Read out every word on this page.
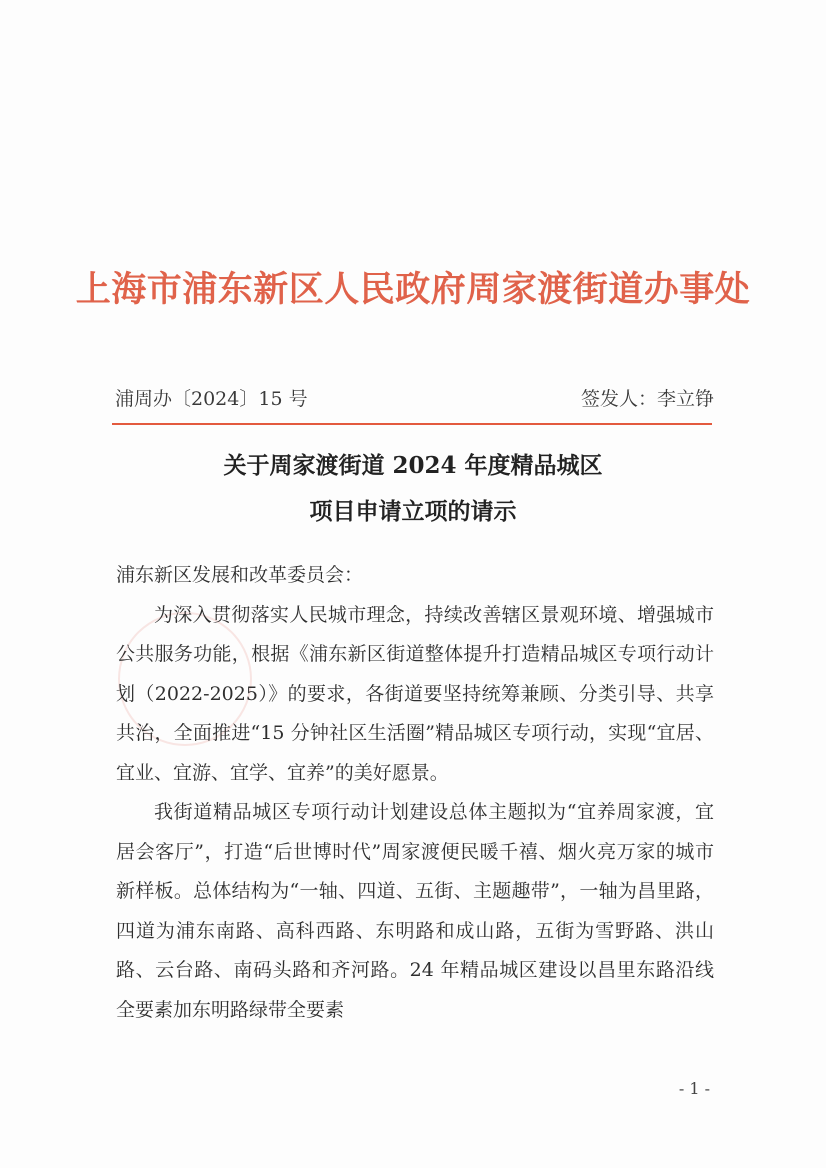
上海市浦东新区人民政府周家渡街道办事处
浦周办〔2024〕15 号	签发人：李立铮
关于周家渡街道 2024 年度精品城区
项目申请立项的请示

浦东新区发展和改革委员会：

为深入贯彻落实人民城市理念，持续改善辖区景观环境、增强城市公共服务功能，根据《浦东新区街道整体提升打造精品城区专项行动计划（2022-2025）》的要求，各街道要坚持统筹兼顾、分类引导、共享共治，全面推进“15 分钟社区生活圈”精品城区专项行动，实现“宜居、宜业、宜游、宜学、宜养”的美好愿景。

我街道精品城区专项行动计划建设总体主题拟为“宜养周家渡，宜居会客厅”，打造“后世博时代”周家渡便民暖千禧、烟火亮万家的城市新样板。总体结构为“一轴、四道、五街、主题趣带”，一轴为昌里路，四道为浦东南路、高科西路、东明路和成山路，五街为雪野路、洪山路、云台路、南码头路和齐河路。24 年精品城区建设以昌里东路沿线全要素加东明路绿带全要素

- 1 -
